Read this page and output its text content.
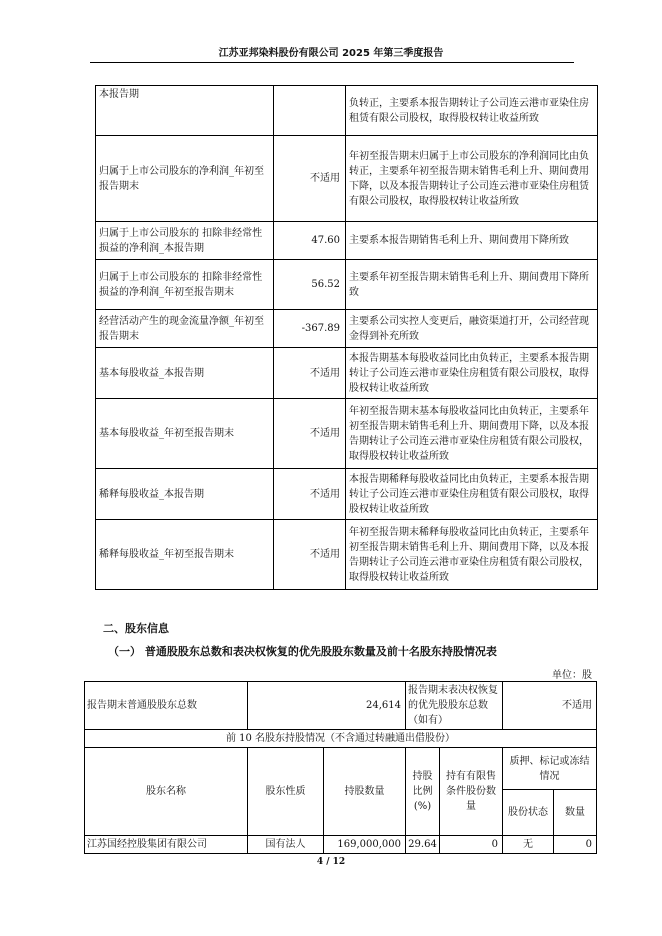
江苏亚邦染料股份有限公司 2025 年第三季度报告
本报告期		负转正，主要系本报告期转让子公司连云港市亚染住房租赁有限公司股权，取得股权转让收益所致
归属于上市公司股东的净利润_年初至报告期末	不适用	年初至报告期末归属于上市公司股东的净利润同比由负转正，主要系年初至报告期末销售毛利上升、期间费用下降，以及本报告期转让子公司连云港市亚染住房租赁有限公司股权，取得股权转让收益所致
归属于上市公司股东的 扣除非经常性损益的净利润_本报告期	47.60	主要系本报告期销售毛利上升、期间费用下降所致
归属于上市公司股东的 扣除非经常性损益的净利润_年初至报告期末	56.52	主要系年初至报告期末销售毛利上升、期间费用下降所致
经营活动产生的现金流量净额_年初至报告期末	-367.89	主要系公司实控人变更后，融资渠道打开，公司经营现金得到补充所致
基本每股收益_本报告期	不适用	本报告期基本每股收益同比由负转正，主要系本报告期转让子公司连云港市亚染住房租赁有限公司股权，取得股权转让收益所致
基本每股收益_年初至报告期末	不适用	年初至报告期末基本每股收益同比由负转正，主要系年初至报告期末销售毛利上升、期间费用下降，以及本报告期转让子公司连云港市亚染住房租赁有限公司股权，取得股权转让收益所致
稀释每股收益_本报告期	不适用	本报告期稀释每股收益同比由负转正，主要系本报告期转让子公司连云港市亚染住房租赁有限公司股权，取得股权转让收益所致
稀释每股收益_年初至报告期末	不适用	年初至报告期末稀释每股收益同比由负转正，主要系年初至报告期末销售毛利上升、期间费用下降，以及本报告期转让子公司连云港市亚染住房租赁有限公司股权，取得股权转让收益所致
二、股东信息
（一） 普通股股东总数和表决权恢复的优先股股东数量及前十名股东持股情况表
单位：股
报告期末普通股股东总数	24,614		报告期末表决权恢复的优先股股东总数（如有）		不适用	
前 10 名股东持股情况（不含通过转融通出借股份）						
股东名称	股东性质	持股数量	持股比例(%)	持有有限售条件股份数量	质押、标记或冻结情况	
					股份状态	数量
江苏国经控股集团有限公司	国有法人	169,000,000	29.64	0	无	0
4 / 12
